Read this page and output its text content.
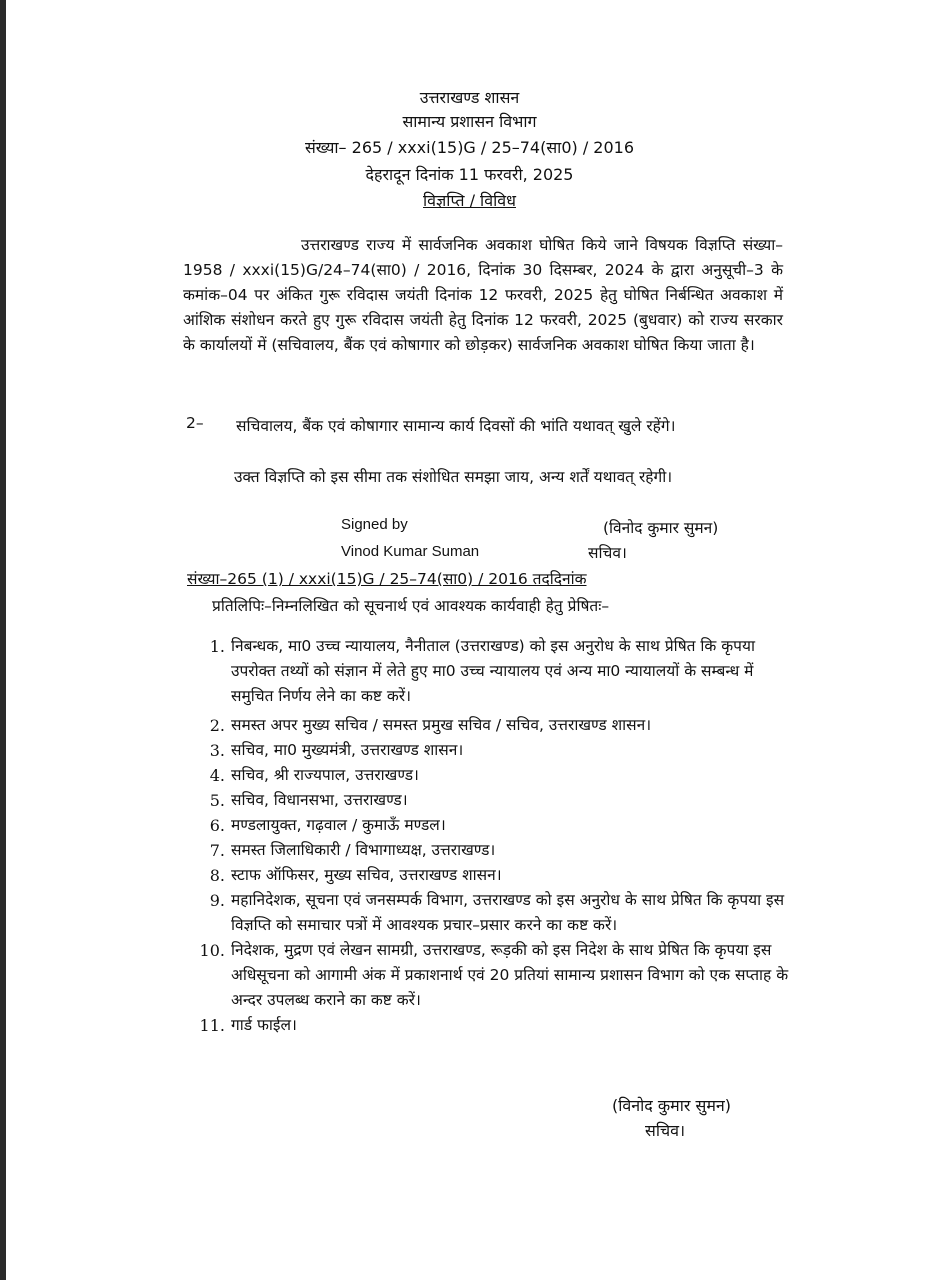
उत्तराखण्ड शासन
सामान्य प्रशासन विभाग
संख्या– 265 / xxxi(15)G / 25–74(सा0) / 2016
देहरादून दिनांक 11 फरवरी, 2025
विज्ञप्ति / विविध
उत्तराखण्ड राज्य में सार्वजनिक अवकाश घोषित किये जाने विषयक विज्ञप्ति संख्या–1958 / xxxi(15)G/24–74(सा0) / 2016, दिनांक 30 दिसम्बर, 2024 के द्वारा अनुसूची–3 के कमांक–04 पर अंकित गुरू रविदास जयंती दिनांक 12 फरवरी, 2025 हेतु घोषित निर्बन्धित अवकाश में आंशिक संशोधन करते हुए गुरू रविदास जयंती हेतु दिनांक 12 फरवरी, 2025 (बुधवार) को राज्य सरकार के कार्यालयों में (सचिवालय, बैंक एवं कोषागार को छोड़कर) सार्वजनिक अवकाश घोषित किया जाता है।
2– सचिवालय, बैंक एवं कोषागार सामान्य कार्य दिवसों की भांति यथावत् खुले रहेंगे।
उक्त विज्ञप्ति को इस सीमा तक संशोधित समझा जाय, अन्य शर्तें यथावत् रहेगी।
Signed by
Vinod Kumar Suman
(विनोद कुमार सुमन)
सचिव।
संख्या–265 (1) / xxxi(15)G / 25–74(सा0) / 2016 तददिनांक
प्रतिलिपिः–निम्नलिखित को सूचनार्थ एवं आवश्यक कार्यवाही हेतु प्रेषितः–
1. निबन्धक, मा0 उच्च न्यायालय, नैनीताल (उत्तराखण्ड) को इस अनुरोध के साथ प्रेषित कि कृपया उपरोक्त तथ्यों को संज्ञान में लेते हुए मा0 उच्च न्यायालय एवं अन्य मा0 न्यायालयों के सम्बन्ध में समुचित निर्णय लेने का कष्ट करें।
2. समस्त अपर मुख्य सचिव / समस्त प्रमुख सचिव / सचिव, उत्तराखण्ड शासन।
3. सचिव, मा0 मुख्यमंत्री, उत्तराखण्ड शासन।
4. सचिव, श्री राज्यपाल, उत्तराखण्ड।
5. सचिव, विधानसभा, उत्तराखण्ड।
6. मण्डलायुक्त, गढ़वाल / कुमाऊँ मण्डल।
7. समस्त जिलाधिकारी / विभागाध्यक्ष, उत्तराखण्ड।
8. स्टाफ ऑफिसर, मुख्य सचिव, उत्तराखण्ड शासन।
9. महानिदेशक, सूचना एवं जनसम्पर्क विभाग, उत्तराखण्ड को इस अनुरोध के साथ प्रेषित कि कृपया इस विज्ञप्ति को समाचार पत्रों में आवश्यक प्रचार–प्रसार करने का कष्ट करें।
10. निदेशक, मुद्रण एवं लेखन सामग्री, उत्तराखण्ड, रूड़की को इस निदेश के साथ प्रेषित कि कृपया इस अधिसूचना को आगामी अंक में प्रकाशनार्थ एवं 20 प्रतियां सामान्य प्रशासन विभाग को एक सप्ताह के अन्दर उपलब्ध कराने का कष्ट करें।
11. गार्ड फाईल।
(विनोद कुमार सुमन)
सचिव।
